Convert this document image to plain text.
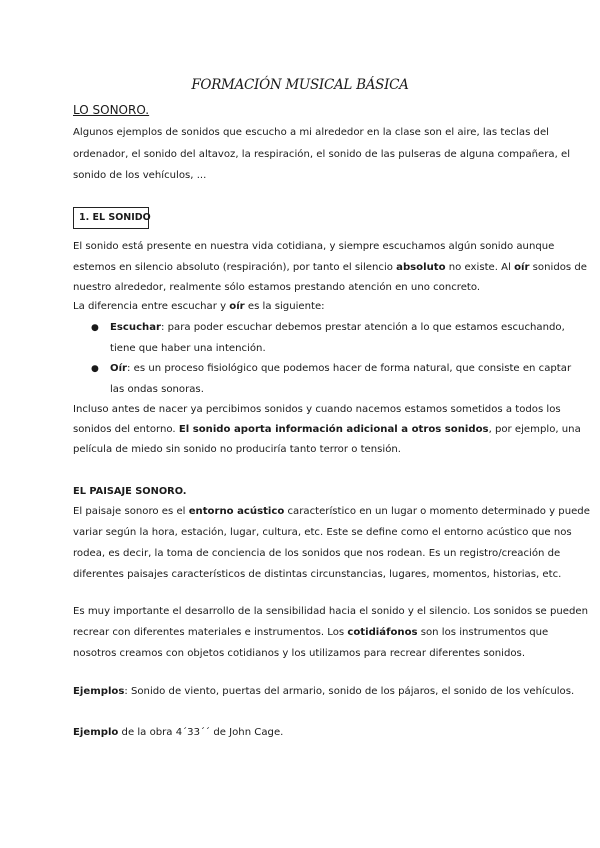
FORMACIÓN MUSICAL BÁSICA
LO SONORO.
Algunos ejemplos de sonidos que escucho a mi alrededor en la clase son el aire, las teclas del
ordenador, el sonido del altavoz, la respiración, el sonido de las pulseras de alguna compañera, el
sonido de los vehículos, ...
1. EL SONIDO
El sonido está presente en nuestra vida cotidiana, y siempre escuchamos algún sonido aunque
estemos en silencio absoluto (respiración), por tanto el silencio absoluto no existe. Al oír sonidos de
nuestro alrededor, realmente sólo estamos prestando atención en uno concreto.
La diferencia entre escuchar y oír es la siguiente:
● Escuchar: para poder escuchar debemos prestar atención a lo que estamos escuchando,
tiene que haber una intención.
● Oír: es un proceso fisiológico que podemos hacer de forma natural, que consiste en captar
las ondas sonoras.
Incluso antes de nacer ya percibimos sonidos y cuando nacemos estamos sometidos a todos los
sonidos del entorno. El sonido aporta información adicional a otros sonidos, por ejemplo, una
película de miedo sin sonido no produciría tanto terror o tensión.
EL PAISAJE SONORO.
El paisaje sonoro es el entorno acústico característico en un lugar o momento determinado y puede
variar según la hora, estación, lugar, cultura, etc. Este se define como el entorno acústico que nos
rodea, es decir, la toma de conciencia de los sonidos que nos rodean. Es un registro/creación de
diferentes paisajes característicos de distintas circunstancias, lugares, momentos, historias, etc.
Es muy importante el desarrollo de la sensibilidad hacia el sonido y el silencio. Los sonidos se pueden
recrear con diferentes materiales e instrumentos. Los cotidiáfonos son los instrumentos que
nosotros creamos con objetos cotidianos y los utilizamos para recrear diferentes sonidos.
Ejemplos: Sonido de viento, puertas del armario, sonido de los pájaros, el sonido de los vehículos.
Ejemplo de la obra 4´33´´ de John Cage.
